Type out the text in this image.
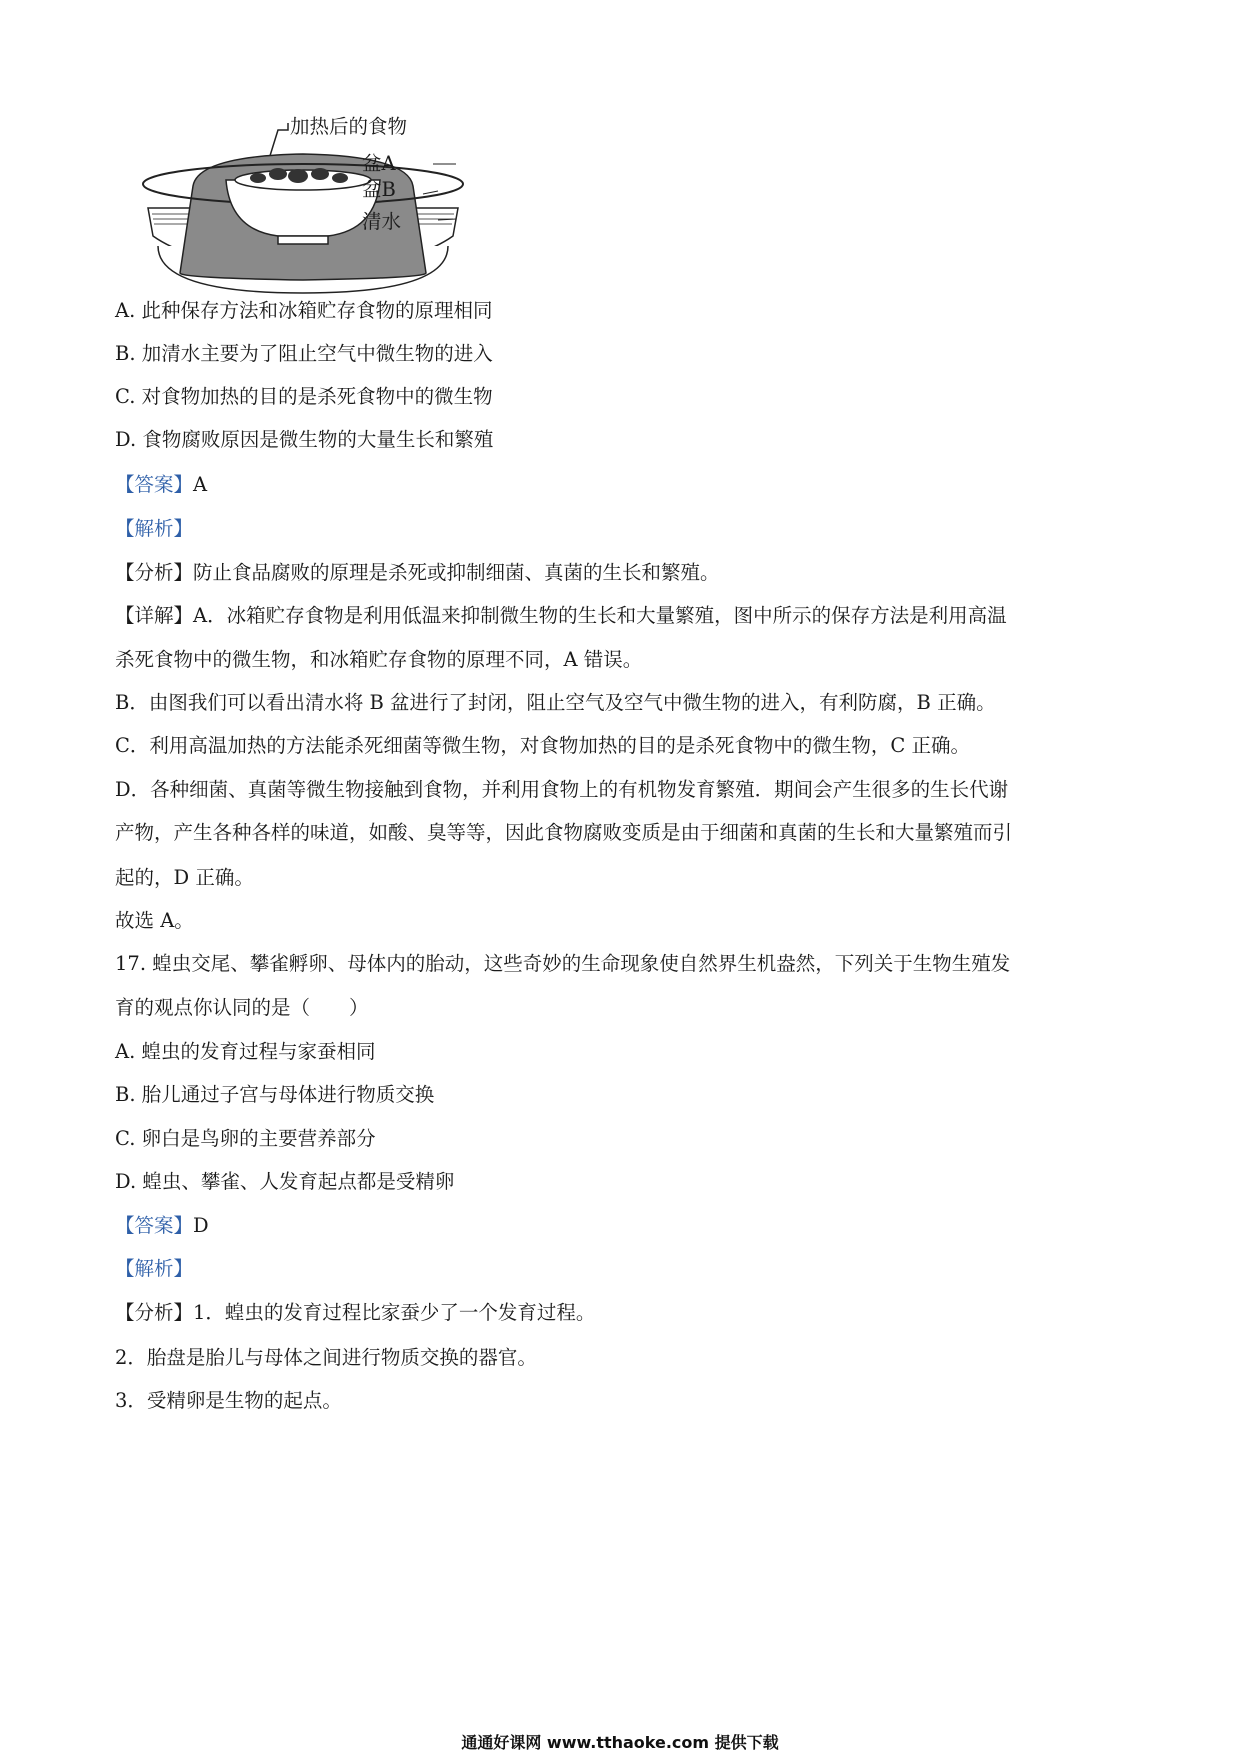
加热后的食物
盆A
盆B
清水
A. 此种保存方法和冰箱贮存食物的原理相同
B. 加清水主要为了阻止空气中微生物的进入
C. 对食物加热的目的是杀死食物中的微生物
D. 食物腐败原因是微生物的大量生长和繁殖
【答案】A
【解析】
【分析】防止食品腐败的原理是杀死或抑制细菌、真菌的生长和繁殖。
【详解】A．冰箱贮存食物是利用低温来抑制微生物的生长和大量繁殖，图中所示的保存方法是利用高温
杀死食物中的微生物，和冰箱贮存食物的原理不同，A 错误。
B．由图我们可以看出清水将 B 盆进行了封闭，阻止空气及空气中微生物的进入，有利防腐，B 正确。
C．利用高温加热的方法能杀死细菌等微生物，对食物加热的目的是杀死食物中的微生物，C 正确。
D．各种细菌、真菌等微生物接触到食物，并利用食物上的有机物发育繁殖．期间会产生很多的生长代谢
产物，产生各种各样的味道，如酸、臭等等，因此食物腐败变质是由于细菌和真菌的生长和大量繁殖而引
起的，D 正确。
故选 A。
17. 蝗虫交尾、攀雀孵卵、母体内的胎动，这些奇妙的生命现象使自然界生机盎然，下列关于生物生殖发
育的观点你认同的是（　　）
A. 蝗虫的发育过程与家蚕相同
B. 胎儿通过子宫与母体进行物质交换
C. 卵白是鸟卵的主要营养部分
D. 蝗虫、攀雀、人发育起点都是受精卵
【答案】D
【解析】
【分析】1．蝗虫的发育过程比家蚕少了一个发育过程。
2．胎盘是胎儿与母体之间进行物质交换的器官。
3．受精卵是生物的起点。
通通好课网 www.tthaoke.com 提供下载
